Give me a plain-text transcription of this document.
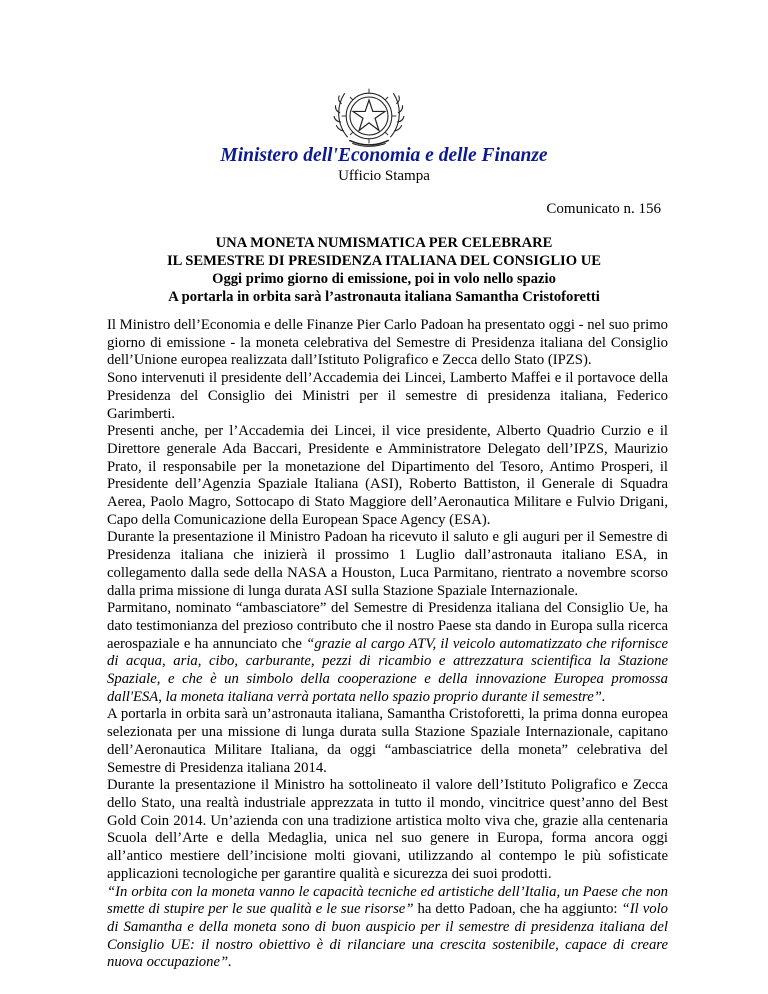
Ministero dell'Economia e delle Finanze
Ufficio Stampa
Comunicato n. 156
UNA MONETA NUMISMATICA PER CELEBRARE
IL SEMESTRE DI PRESIDENZA ITALIANA DEL CONSIGLIO UE
Oggi primo giorno di emissione, poi in volo nello spazio
A portarla in orbita sarà l’astronauta italiana Samantha Cristoforetti

Il Ministro dell’Economia e delle Finanze Pier Carlo Padoan ha presentato oggi - nel suo primo giorno di emissione - la moneta celebrativa del Semestre di Presidenza italiana del Consiglio dell’Unione europea realizzata dall’Istituto Poligrafico e Zecca dello Stato (IPZS).

Sono intervenuti il presidente dell’Accademia dei Lincei, Lamberto Maffei e il portavoce della Presidenza del Consiglio dei Ministri per il semestre di presidenza italiana, Federico Garimberti.

Presenti anche, per l’Accademia dei Lincei, il vice presidente, Alberto Quadrio Curzio e il Direttore generale Ada Baccari, Presidente e Amministratore Delegato dell’IPZS, Maurizio Prato, il responsabile per la monetazione del Dipartimento del Tesoro, Antimo Prosperi, il Presidente dell’Agenzia Spaziale Italiana (ASI), Roberto Battiston, il Generale di Squadra Aerea, Paolo Magro, Sottocapo di Stato Maggiore dell’Aeronautica Militare e Fulvio Drigani, Capo della Comunicazione della European Space Agency (ESA).

Durante la presentazione il Ministro Padoan ha ricevuto il saluto e gli auguri per il Semestre di Presidenza italiana che inizierà il prossimo 1 Luglio dall’astronauta italiano ESA, in collegamento dalla sede della NASA a Houston, Luca Parmitano, rientrato a novembre scorso dalla prima missione di lunga durata ASI sulla Stazione Spaziale Internazionale.

Parmitano, nominato “ambasciatore” del Semestre di Presidenza italiana del Consiglio Ue, ha dato testimonianza del prezioso contributo che il nostro Paese sta dando in Europa sulla ricerca aerospaziale e ha annunciato che “grazie al cargo ATV, il veicolo automatizzato che rifornisce di acqua, aria, cibo, carburante, pezzi di ricambio e attrezzatura scientifica la Stazione Spaziale, e che è un simbolo della cooperazione e della innovazione Europea promossa dall'ESA, la moneta italiana verrà portata nello spazio proprio durante il semestre”.

A portarla in orbita sarà un’astronauta italiana, Samantha Cristoforetti, la prima donna europea selezionata per una missione di lunga durata sulla Stazione Spaziale Internazionale, capitano dell’Aeronautica Militare Italiana, da oggi “ambasciatrice della moneta” celebrativa del Semestre di Presidenza italiana 2014.

Durante la presentazione il Ministro ha sottolineato il valore dell’Istituto Poligrafico e Zecca dello Stato, una realtà industriale apprezzata in tutto il mondo, vincitrice quest’anno del Best Gold Coin 2014. Un’azienda con una tradizione artistica molto viva che, grazie alla centenaria Scuola dell’Arte e della Medaglia, unica nel suo genere in Europa, forma ancora oggi all’antico mestiere dell’incisione molti giovani, utilizzando al contempo le più sofisticate applicazioni tecnologiche per garantire qualità e sicurezza dei suoi prodotti.

“In orbita con la moneta vanno le capacità tecniche ed artistiche dell’Italia, un Paese che non smette di stupire per le sue qualità e le sue risorse” ha detto Padoan, che ha aggiunto: “Il volo di Samantha e della moneta sono di buon auspicio per il semestre di presidenza italiana del Consiglio UE: il nostro obiettivo è di rilanciare una crescita sostenibile, capace di creare nuova occupazione”.
